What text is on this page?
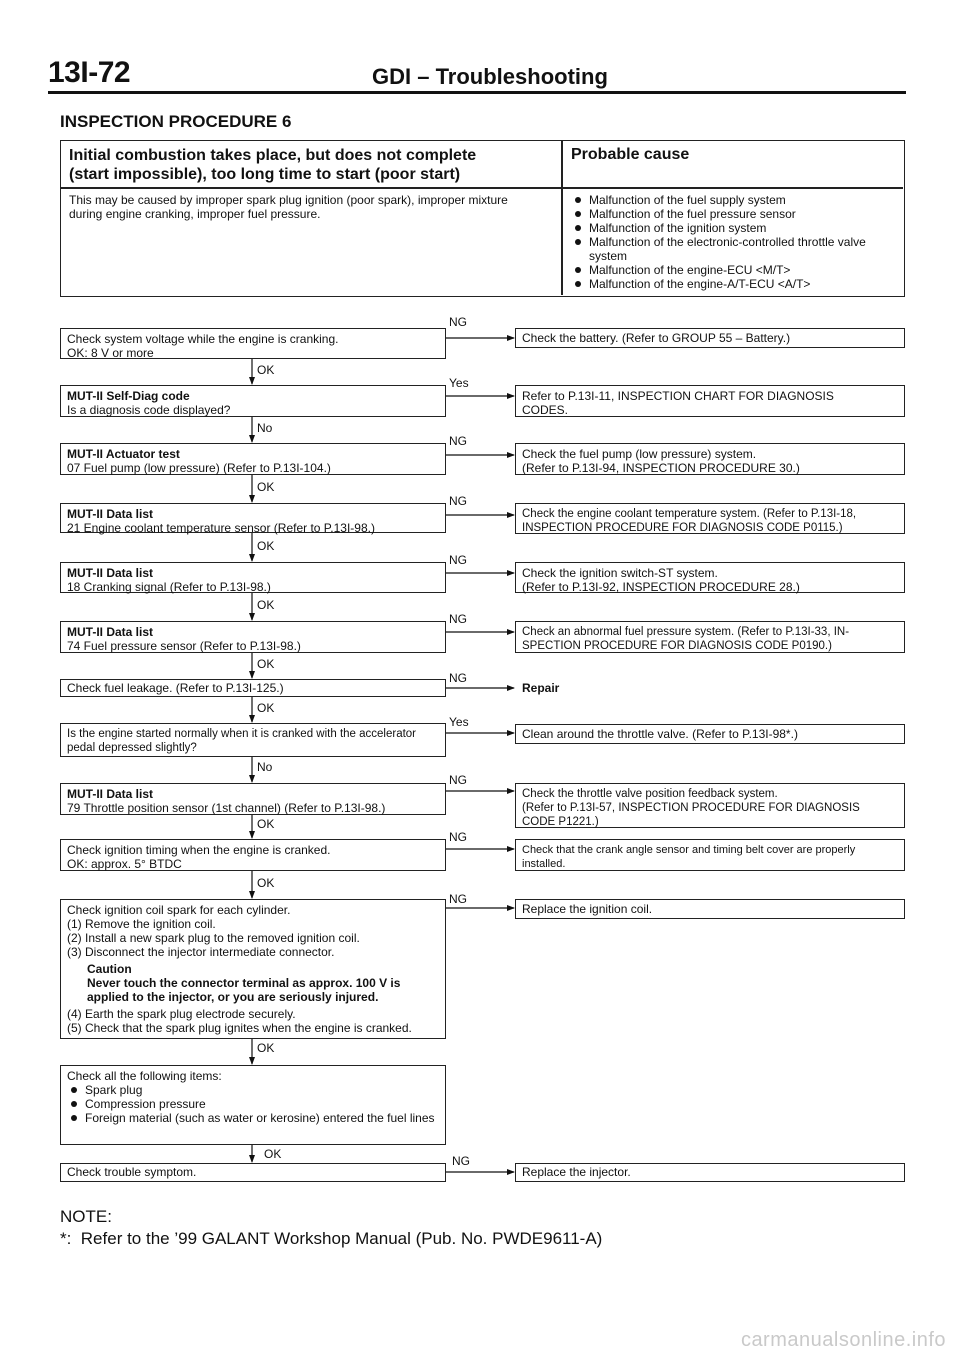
13I-72	GDI – Troubleshooting
INSPECTION PROCEDURE 6
Initial combustion takes place, but does not complete
(start impossible), too long time to start (poor start)
Probable cause
This may be caused by improper spark plug ignition (poor spark), improper mixture
during engine cranking, improper fuel pressure.
Malfunction of the fuel supply system
Malfunction of the fuel pressure sensor
Malfunction of the ignition system
Malfunction of the electronic-controlled throttle valve system
Malfunction of the engine-ECU <M/T>
Malfunction of the engine-A/T-ECU <A/T>
Check system voltage while the engine is cranking.
OK: 8 V or more
MUT-II Self-Diag code
Is a diagnosis code displayed?
MUT-II Actuator test
07 Fuel pump (low pressure) (Refer to P.13I-104.)
MUT-II Data list
21 Engine coolant temperature sensor (Refer to P.13I-98.)
MUT-II Data list
18 Cranking signal (Refer to P.13I-98.)
MUT-II Data list
74 Fuel pressure sensor (Refer to P.13I-98.)
Check fuel leakage. (Refer to P.13I-125.)
Is the engine started normally when it is cranked with the accelerator
pedal depressed slightly?
MUT-II Data list
79 Throttle position sensor (1st channel) (Refer to P.13I-98.)
Check ignition timing when the engine is cranked.
OK: approx. 5° BTDC
Check ignition coil spark for each cylinder.
(1) Remove the ignition coil.
(2) Install a new spark plug to the removed ignition coil.
(3) Disconnect the injector intermediate connector.
Caution
Never touch the connector terminal as approx. 100 V is
applied to the injector, or you are seriously injured.
(4) Earth the spark plug electrode securely.
(5) Check that the spark plug ignites when the engine is cranked.
Check all the following items:
Spark plug
Compression pressure
Foreign material (such as water or kerosine) entered the fuel lines
Check trouble symptom.
Check the battery. (Refer to GROUP 55 – Battery.)
Refer to P.13I-11, INSPECTION CHART FOR DIAGNOSIS
CODES.
Check the fuel pump (low pressure) system.
(Refer to P.13I-94, INSPECTION PROCEDURE 30.)
Check the engine coolant temperature system. (Refer to P.13I-18,
INSPECTION PROCEDURE FOR DIAGNOSIS CODE P0115.)
Check the ignition switch-ST system.
(Refer to P.13I-92, INSPECTION PROCEDURE 28.)
Check an abnormal fuel pressure system. (Refer to P.13I-33, IN-
SPECTION PROCEDURE FOR DIAGNOSIS CODE P0190.)
Repair
Clean around the throttle valve. (Refer to P.13I-98*.)
Check the throttle valve position feedback system.
(Refer to P.13I-57, INSPECTION PROCEDURE FOR DIAGNOSIS
CODE P1221.)
Check that the crank angle sensor and timing belt cover are properly
installed.
Replace the ignition coil.
Replace the injector.
NG
Yes
NG
NG
NG
NG
NG
Yes
NG
NG
NG
NG
OK
No
OK
OK
OK
OK
OK
No
OK
OK
OK
OK
NOTE:
*:  Refer to the ’99 GALANT Workshop Manual (Pub. No. PWDE9611-A)
carmanualsonline.info
